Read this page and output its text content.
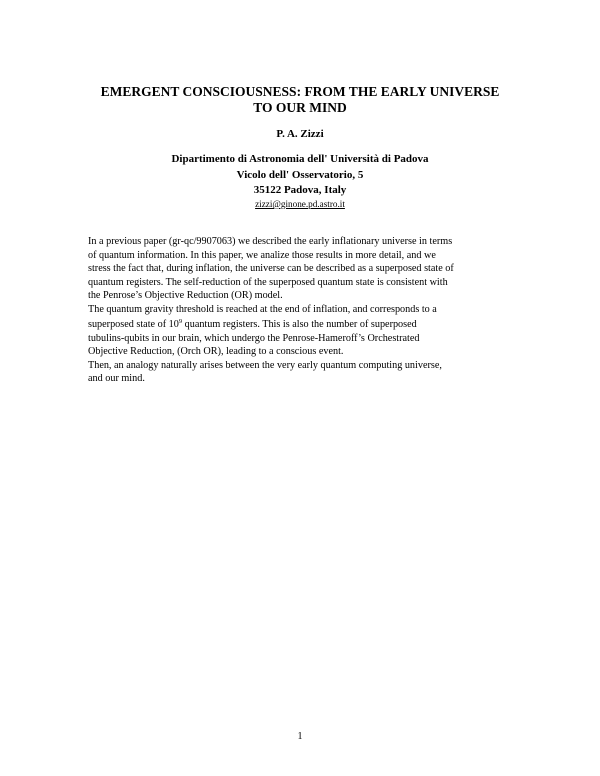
EMERGENT CONSCIOUSNESS: FROM THE EARLY UNIVERSE
TO OUR MIND
P. A. Zizzi
Dipartimento di Astronomia dell' Università di Padova
Vicolo dell' Osservatorio, 5
35122 Padova, Italy
zizzi@ginone.pd.astro.it
In a previous paper (gr-qc/9907063) we described the early inflationary universe in terms
of quantum information. In this paper, we analize those results in more detail, and we
stress the fact that, during inflation, the universe can be described as a superposed state of
quantum registers. The self-reduction of the superposed quantum state is consistent with
the Penrose’s Objective Reduction (OR) model.
The quantum gravity threshold is reached at the end of inflation, and corresponds to a
superposed state of $10^9$ quantum registers. This is also the number of superposed
tubulins-qubits in our brain, which undergo the Penrose-Hameroff’s Orchestrated
Objective Reduction, (Orch OR), leading to a conscious event.
Then, an analogy naturally arises between the very early quantum computing universe,
and our mind.
1
